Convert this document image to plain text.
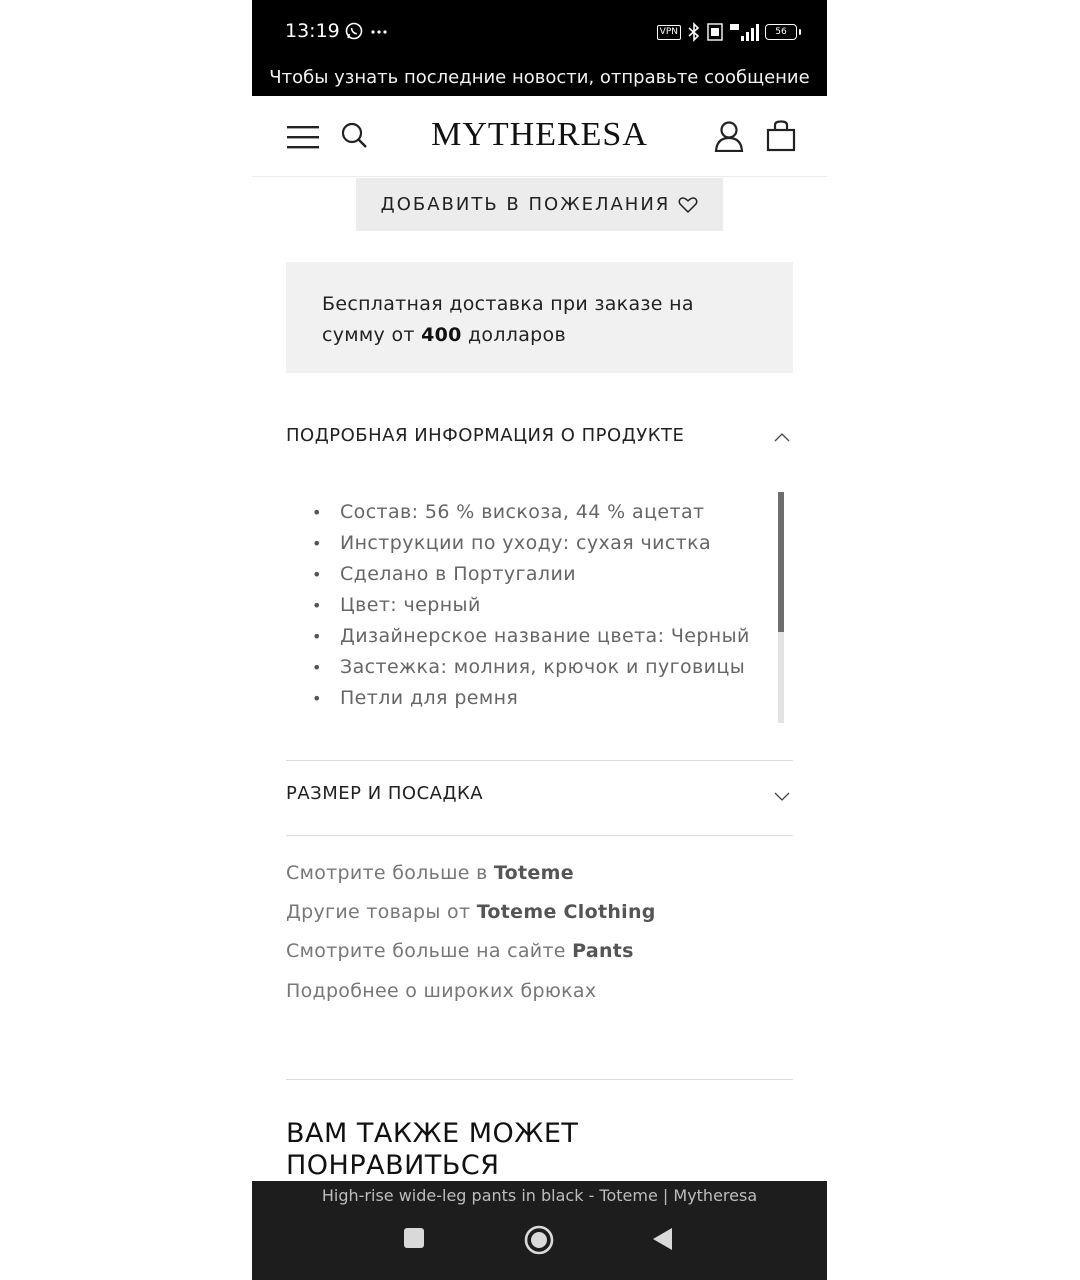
13:19
	VPN	56
Чтобы узнать последние новости, отправьте сообщение
MYTHERESA
ДОБАВИТЬ В ПОЖЕЛАНИЯ
Бесплатная доставка при заказе на сумму от 400 долларов
ПОДРОБНАЯ ИНФОРМАЦИЯ О ПРОДУКТЕ
• Состав: 56 % вискоза, 44 % ацетат
• Инструкции по уходу: сухая чистка
• Сделано в Португалии
• Цвет: черный
• Дизайнерское название цвета: Черный
• Застежка: молния, крючок и пуговицы
• Петли для ремня
РАЗМЕР И ПОСАДКА
Смотрите больше в Toteme
Другие товары от Toteme Clothing
Смотрите больше на сайте Pants
Подробнее о широких брюках
ВАМ ТАКЖЕ МОЖЕТ ПОНРАВИТЬСЯ
High-rise wide-leg pants in black - Toteme | Mytheresa
